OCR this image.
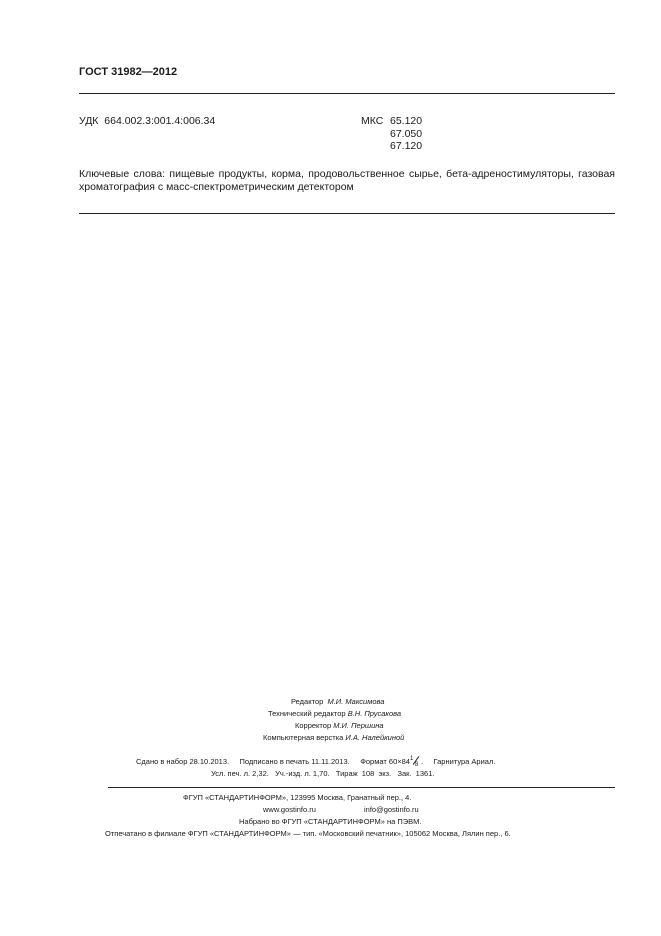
ГОСТ 31982—2012
УДК 664.002.3:001.4:006.34	МКС 65.120
67.050
67.120
Ключевые слова: пищевые продукты, корма, продовольственное сырье, бета-адреностимуляторы, газовая хроматография с масс-спектрометрическим детектором
Редактор М.И. Максимова
Технический редактор В.Н. Прусакова
Корректор М.И. Першина
Компьютерная верстка И.А. Налейкиной
Сдано в набор 28.10.2013. Подписано в печать 11.11.2013. Формат 60×84 1
8 .     Гарнитура Ариал.
Усл. печ. л. 2,32.   Уч.-изд. л. 1,70.   Тираж  108  экз.   Зак.  1361.
ФГУП «СТАНДАРТИНФОРМ», 123995 Москва, Гранатный пер., 4.
www.gostinfo.ru	info@gostinfo.ru
Набрано во ФГУП «СТАНДАРТИНФОРМ» на ПЭВМ.
Отпечатано в филиале ФГУП «СТАНДАРТИНФОРМ» — тип. «Московский печатник», 105062 Москва, Лялин пер., 6.
